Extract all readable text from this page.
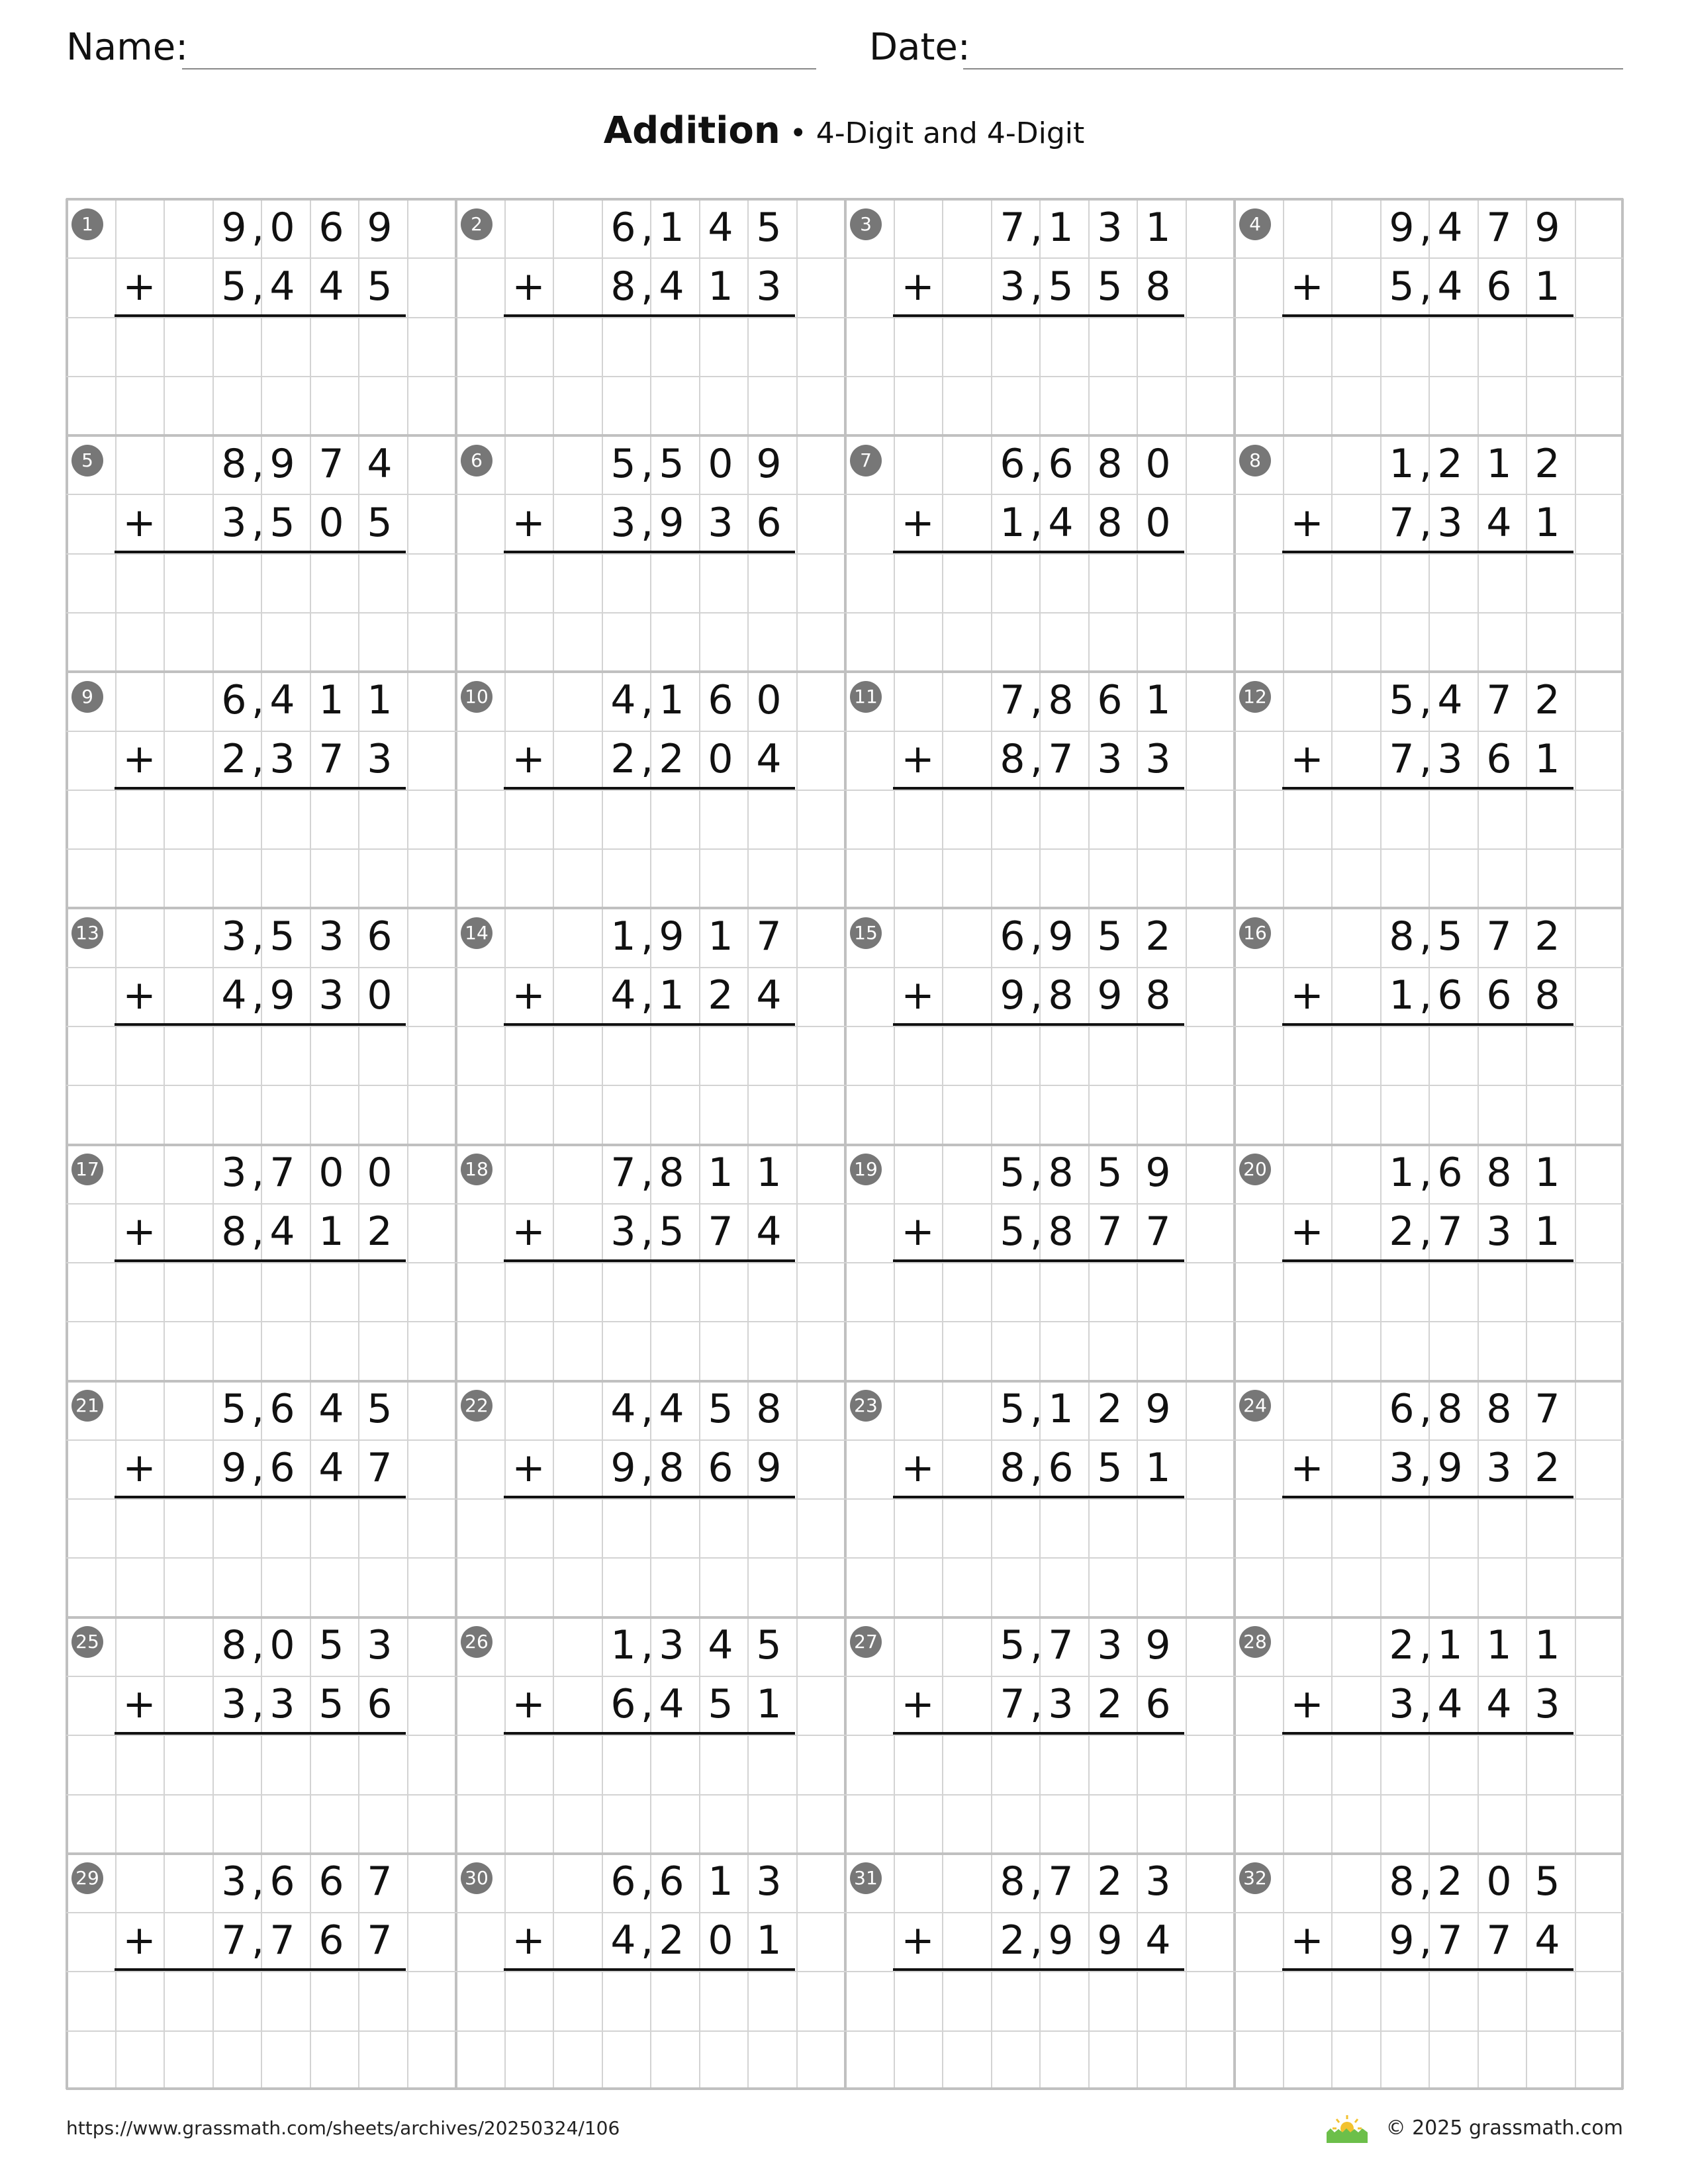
Name:	Date:
Addition • 4-Digit and 4-Digit
1	9 0 6 9
,
5 4 4 5
,
+
2	6 1 4 5
,
8 4 1 3
,
+
3	7 1 3 1
,
3 5 5 8
,
+
4	9 4 7 9
,
5 4 6 1
,
+
5	8 9 7 4
,
3 5 0 5
,
+
6	5 5 0 9
,
3 9 3 6
,
+
7	6 6 8 0
,
1 4 8 0
,
+
8	1 2 1 2
,
7 3 4 1
,
+
9	6 4 1 1
,
2 3 7 3
,
+
10	4 1 6 0
,
2 2 0 4
,
+
11	7 8 6 1
,
8 7 3 3
,
+
12	5 4 7 2
,
7 3 6 1
,
+
13	3 5 3 6
,
4 9 3 0
,
+
14	1 9 1 7
,
4 1 2 4
,
+
15	6 9 5 2
,
9 8 9 8
,
+
16	8 5 7 2
,
1 6 6 8
,
+
17	3 7 0 0
,
8 4 1 2
,
+
18	7 8 1 1
,
3 5 7 4
,
+
19	5 8 5 9
,
5 8 7 7
,
+
20	1 6 8 1
,
2 7 3 1
,
+
21	5 6 4 5
,
9 6 4 7
,
+
22	4 4 5 8
,
9 8 6 9
,
+
23	5 1 2 9
,
8 6 5 1
,
+
24	6 8 8 7
,
3 9 3 2
,
+
25	8 0 5 3
,
3 3 5 6
,
+
26	1 3 4 5
,
6 4 5 1
,
+
27	5 7 3 9
,
7 3 2 6
,
+
28	2 1 1 1
,
3 4 4 3
,
+
29	3 6 6 7
,
7 7 6 7
,
+
30	6 6 1 3
,
4 2 0 1
,
+
31	8 7 2 3
,
2 9 9 4
,
+
32	8 2 0 5
,
9 7 7 4
,
+
https://www.grassmath.com/sheets/archives/20250324/106	© 2025 grassmath.com
